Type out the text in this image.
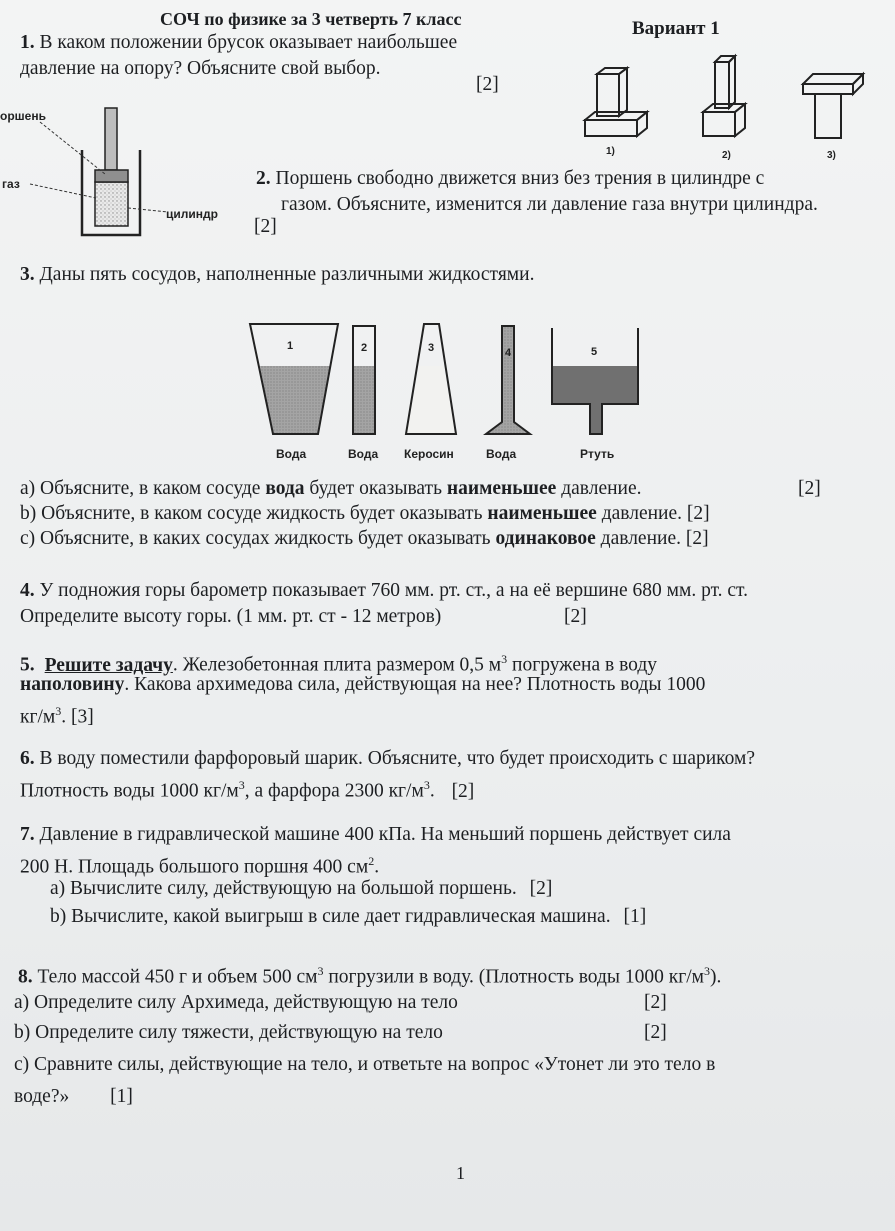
СОЧ по физике за 3 четверть 7 класс	Вариант 1
1. В каком положении брусок оказывает наибольшее
давление на опору? Объясните свой выбор.
[2]
1)	2)	3)
оршень
газ
цилиндр
2. Поршень свободно движется вниз без трения в цилиндре с
газом. Объясните, изменится ли давление газа внутри цилиндра.
[2]
3. Даны пять сосудов, наполненные различными жидкостями.
1	2	3	4	5
Вода	Вода Керосин	Вода	Ртуть
a) Объясните, в каком сосуде вода будет оказывать наименьшее давление.	[2]
b) Объясните, в каком сосуде жидкость будет оказывать наименьшее давление. [2]
c) Объясните, в каких сосудах жидкость будет оказывать одинаковое давление. [2]
4. У подножия горы барометр показывает 760 мм. рт. ст., а на её вершине 680 мм. рт. ст.
Определите высоту горы. (1 мм. рт. ст - 12 метров)	[2]
5. Решите задачу. Железобетонная плита размером 0,5 $м^3$ погружена в воду
наполовину. Какова архимедова сила, действующая на нее? Плотность воды 1000
$кг/м^3$. [3]
6. В воду поместили фарфоровый шарик. Объясните, что будет происходить с шариком?
Плотность воды 1000 $кг/м^3$, а фарфора 2300 $кг/м^3$. [2]
7. Давление в гидравлической машине 400 кПа. На меньший поршень действует сила
200 Н. Площадь большого поршня 400 $см^2$.
a) Вычислите силу, действующую на большой поршень. [2]
b) Вычислите, какой выигрыш в силе дает гидравлическая машина. [1]
8. Тело массой 450 г и объем 500 $см^3$ погрузили в воду. (Плотность воды 1000 $кг/м^3$).
a) Определите силу Архимеда, действующую на тело	[2]
b) Определите силу тяжести, действующую на тело	[2]
c) Сравните силы, действующие на тело, и ответьте на вопрос «Утонет ли это тело в
воде?» [1]
1
